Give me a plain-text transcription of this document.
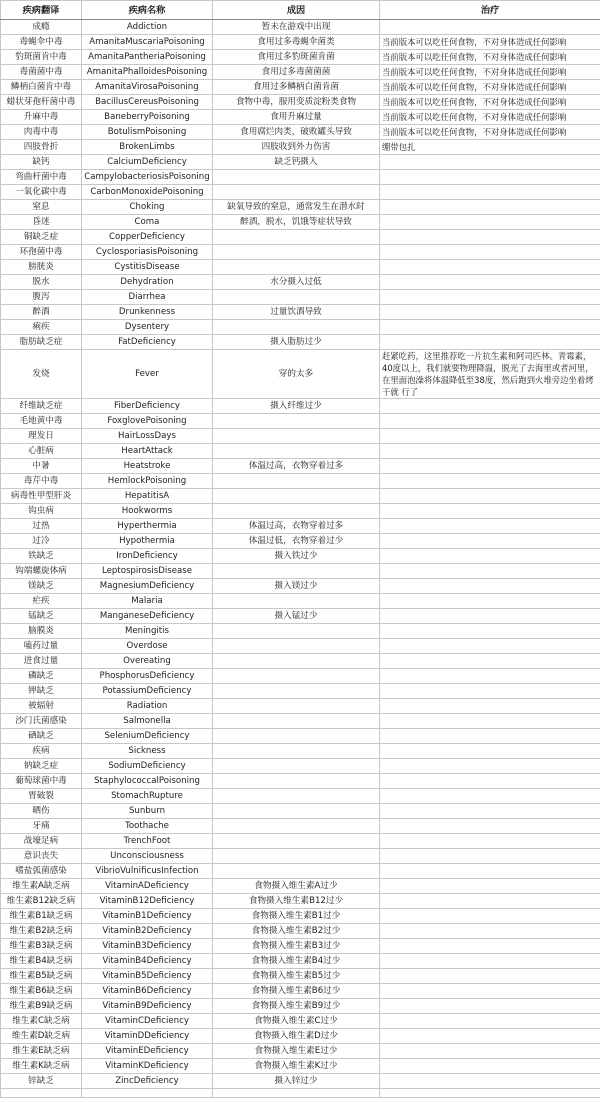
疾病翻译	疾病名称	成因	治疗
成瘾	Addiction	暂未在游戏中出现	
毒蝇伞中毒	AmanitaMuscariaPoisoning	食用过多毒蝇伞菌类	当前版本可以吃任何食物，不对身体造成任何影响
豹斑菌肯中毒	AmanitaPantheriaPoisoning	食用过多豹斑菌肯菌	当前版本可以吃任何食物，不对身体造成任何影响
毒菌菌中毒	AmanitaPhalloidesPoisoning	食用过多毒菌菌菌	当前版本可以吃任何食物，不对身体造成任何影响
鳞柄白菌肯中毒	AmanitaVirosaPoisoning	食用过多鳞柄白菌肯菌	当前版本可以吃任何食物，不对身体造成任何影响
蜡状芽孢杆菌中毒	BacillusCereusPoisoning	食物中毒，服用变质淀粉类食物	当前版本可以吃任何食物，不对身体造成任何影响
升麻中毒	BaneberryPoisoning	食用升麻过量	当前版本可以吃任何食物，不对身体造成任何影响
肉毒中毒	BotulismPoisoning	食用腐烂肉类，破败罐头导致	当前版本可以吃任何食物，不对身体造成任何影响
四肢骨折	BrokenLimbs	四肢收到外力伤害	绷带包扎
缺钙	CalciumDeficiency	缺乏钙摄入	
弯曲杆菌中毒	CampylobacteriosisPoisoning		
一氧化碳中毒	CarbonMonoxidePoisoning		
窒息	Choking	缺氧导致的窒息，通常发生在潜水时	
昏迷	Coma	醉酒，脱水，饥饿等症状导致	
铜缺乏症	CopperDeficiency		
环孢菌中毒	CyclosporiasisPoisoning		
膀胱炎	CystitisDisease		
脱水	Dehydration	水分摄入过低	
腹泻	Diarrhea		
醉酒	Drunkenness	过量饮酒导致	
痢疾	Dysentery		
脂肪缺乏症	FatDeficiency	摄入脂肪过少	
发烧	Fever	穿的太多	赶紧吃药，这里推荐吃一片抗生素和阿司匹林。青霉素，40度以上，我们就要物理降温，脱光了去海里或者河里，在里面泡澡将体温降低至38度，然后跑到火堆旁边坐着烤干就 行了
纤维缺乏症	FiberDeficiency	摄入纤维过少	
毛地黄中毒	FoxglovePoisoning		
理发日	HairLossDays		
心脏病	HeartAttack		
中暑	Heatstroke	体温过高，衣物穿着过多	
毒芹中毒	HemlockPoisoning		
病毒性甲型肝炎	HepatitisA		
钩虫病	Hookworms		
过热	Hyperthermia	体温过高，衣物穿着过多	
过冷	Hypothermia	体温过低，衣物穿着过少	
铁缺乏	IronDeficiency	摄入铁过少	
钩端螺旋体病	LeptospirosisDisease		
镁缺乏	MagnesiumDeficiency	摄入镁过少	
疟疾	Malaria		
锰缺乏	ManganeseDeficiency	摄入锰过少	
脑膜炎	Meningitis		
嗑药过量	Overdose		
进食过量	Overeating		
磷缺乏	PhosphorusDeficiency		
钾缺乏	PotassiumDeficiency		
被辐射	Radiation		
沙门氏菌感染	Salmonella		
硒缺乏	SeleniumDeficiency		
疾病	Sickness		
钠缺乏症	SodiumDeficiency		
葡萄球菌中毒	StaphylococcalPoisoning		
胃破裂	StomachRupture		
晒伤	Sunburn		
牙痛	Toothache		
战壕足病	TrenchFoot		
意识丧失	Unconsciousness		
嗜盐弧菌感染	VibrioVulnificusInfection		
维生素A缺乏病	VitaminADeficiency	食物摄入维生素A过少	
维生素B12缺乏病	VitaminB12Deficiency	食物摄入维生素B12过少	
维生素B1缺乏病	VitaminB1Deficiency	食物摄入维生素B1过少	
维生素B2缺乏病	VitaminB2Deficiency	食物摄入维生素B2过少	
维生素B3缺乏病	VitaminB3Deficiency	食物摄入维生素B3过少	
维生素B4缺乏病	VitaminB4Deficiency	食物摄入维生素B4过少	
维生素B5缺乏病	VitaminB5Deficiency	食物摄入维生素B5过少	
维生素B6缺乏病	VitaminB6Deficiency	食物摄入维生素B6过少	
维生素B9缺乏病	VitaminB9Deficiency	食物摄入维生素B9过少	
维生素C缺乏病	VitaminCDeficiency	食物摄入维生素C过少	
维生素D缺乏病	VitaminDDeficiency	食物摄入维生素D过少	
维生素E缺乏病	VitaminEDeficiency	食物摄入维生素E过少	
维生素K缺乏病	VitaminKDeficiency	食物摄入维生素K过少	
锌缺乏	ZincDeficiency	摄入锌过少	
